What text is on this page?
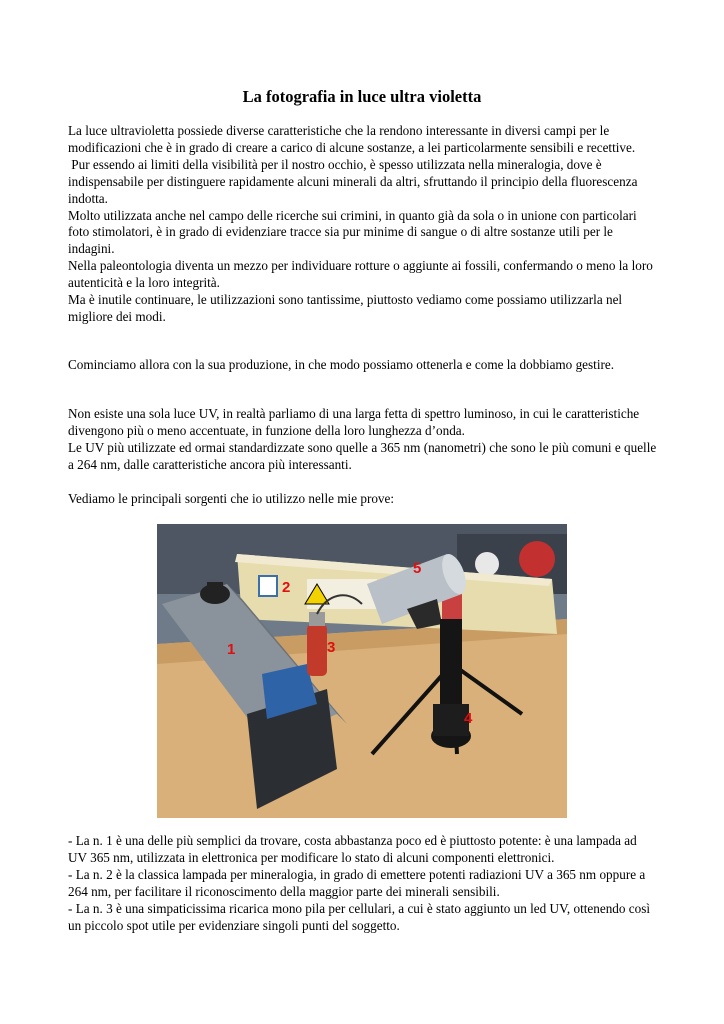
La fotografia in luce ultra violetta

La luce ultravioletta possiede diverse caratteristiche che la rendono interessante in diversi campi per le modificazioni che è in grado di creare a carico di alcune sostanze, a lei particolarmente sensibili e recettive.

Pur essendo ai limiti della visibilità per il nostro occhio, è spesso utilizzata nella mineralogia, dove è indispensabile per distinguere rapidamente alcuni minerali da altri, sfruttando il principio della fluorescenza indotta.

Molto utilizzata anche nel campo delle ricerche sui crimini, in quanto già da sola o in unione con particolari foto stimolatori, è in grado di evidenziare tracce sia pur minime di sangue o di altre sostanze utili per le indagini.

Nella paleontologia diventa un mezzo per individuare rotture o aggiunte ai fossili, confermando o meno la loro autenticità e la loro integrità.

Ma è inutile continuare, le utilizzazioni sono tantissime, piuttosto vediamo come possiamo utilizzarla nel migliore dei modi.

Cominciamo allora con la sua produzione, in che modo possiamo ottenerla e come la dobbiamo gestire.

Non esiste una sola luce UV, in realtà parliamo di una larga fetta di spettro luminoso, in cui le caratteristiche divengono più o meno accentuate, in funzione della loro lunghezza d’onda.

Le UV più utilizzate ed ormai standardizzate sono quelle a 365 nm (nanometri) che sono le più comuni e quelle a 264 nm, dalle caratteristiche ancora più interessanti.

Vediamo le principali sorgenti che io utilizzo nelle mie prove:

1
2
3
4
5

- La n. 1 è una delle più semplici da trovare, costa abbastanza poco ed è piuttosto potente: è una lampada ad UV 365 nm, utilizzata in elettronica per modificare lo stato di alcuni componenti elettronici.

- La n. 2 è la classica lampada per mineralogia, in grado di emettere potenti radiazioni UV a 365 nm oppure a 264 nm, per facilitare il riconoscimento della maggior parte dei minerali sensibili.

- La n. 3 è una simpaticissima ricarica mono pila per cellulari, a cui è stato aggiunto un led UV, ottenendo così un piccolo spot utile per evidenziare singoli punti del soggetto.
